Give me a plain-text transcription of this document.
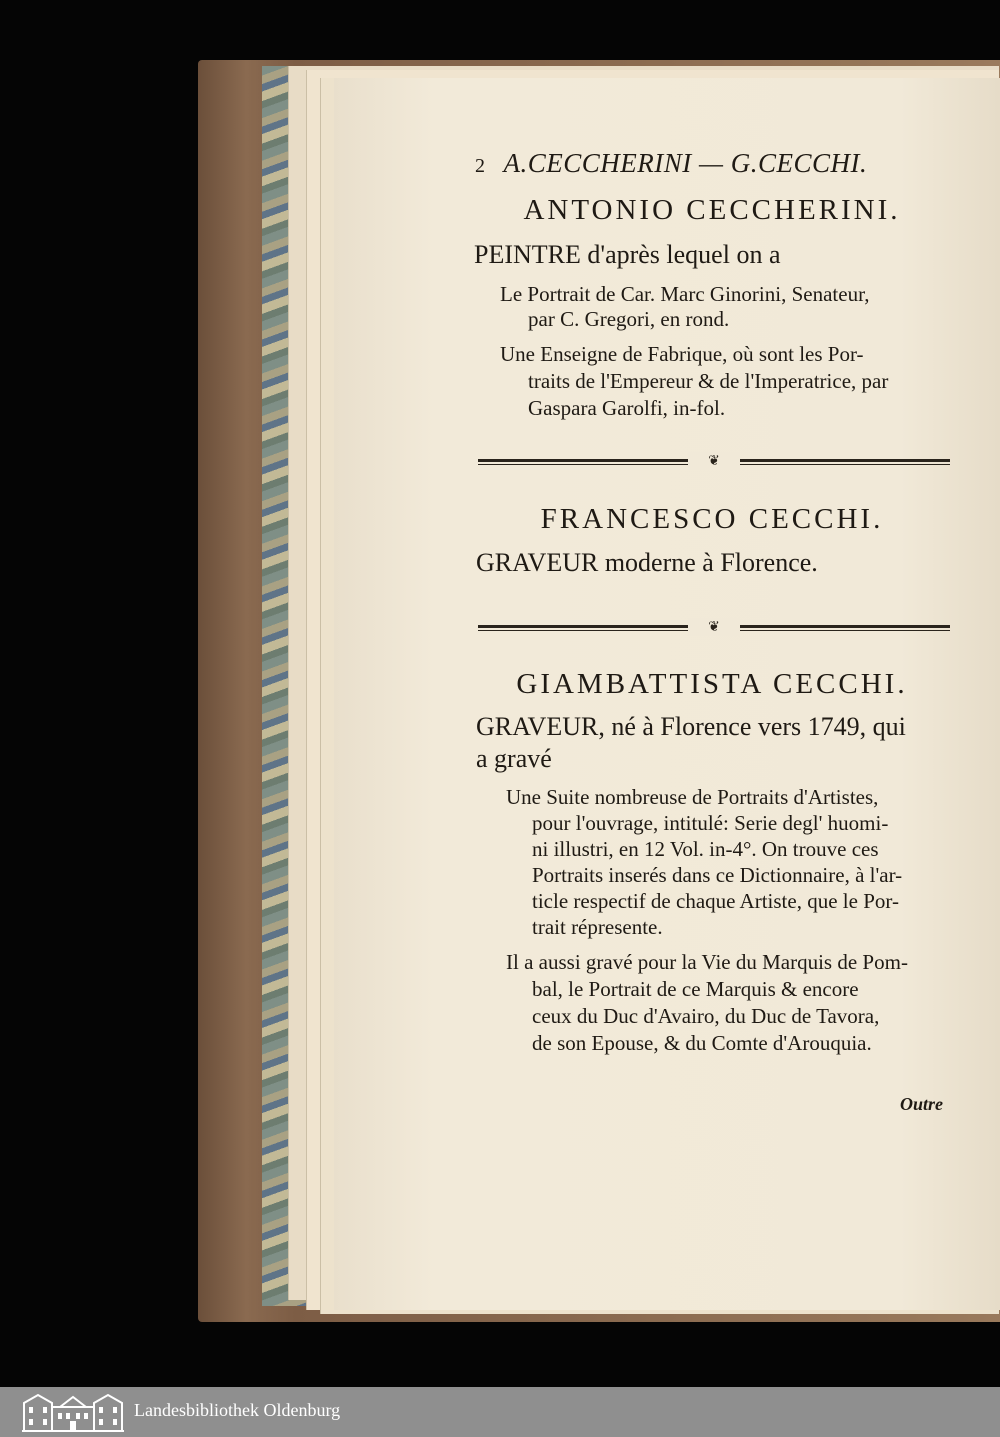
2 A.CECCHERINI — G.CECCHI.
ANTONIO CECCHERINI.
PEINTRE d'après lequel on a
Le Portrait de Car. Marc Ginorini, Senateur,
par C. Gregori, en rond.
Une Enseigne de Fabrique, où sont les Por-
traits de l'Empereur & de l'Imperatrice, par
Gaspara Garolfi, in-fol.
❦
FRANCESCO CECCHI.
GRAVEUR moderne à Florence.
❦
GIAMBATTISTA CECCHI.
GRAVEUR, né à Florence vers 1749, qui
a gravé
Une Suite nombreuse de Portraits d'Artistes,
pour l'ouvrage, intitulé: Serie degl' huomi-
ni illustri, en 12 Vol. in-4°. On trouve ces
Portraits inserés dans ce Dictionnaire, à l'ar-
ticle respectif de chaque Artiste, que le Por-
trait répresente.
Il a aussi gravé pour la Vie du Marquis de Pom-
bal, le Portrait de ce Marquis & encore
ceux du Duc d'Avairo, du Duc de Tavora,
de son Epouse, & du Comte d'Arouquia.
Outre
Landesbibliothek Oldenburg
